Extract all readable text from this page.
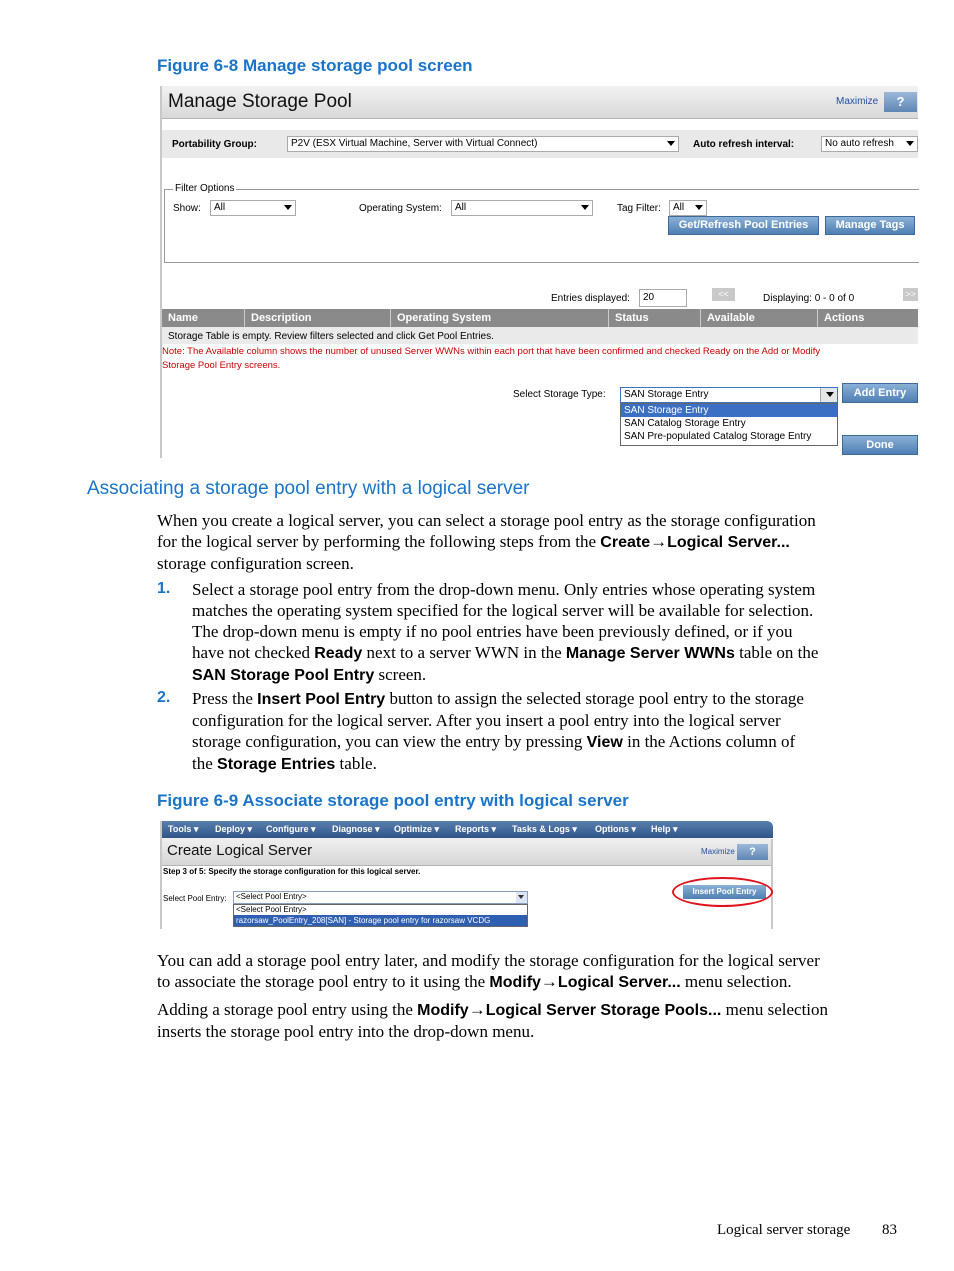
Figure 6-8 Manage storage pool screen
Manage Storage Pool	Maximize	?
Portability Group:	P2V (ESX Virtual Machine, Server with Virtual Connect)	Auto refresh interval:	No auto refresh
Filter Options
Show:	All	Operating System:	All	Tag Filter:	All
Get/Refresh Pool Entries	Manage Tags
Entries displayed:	20	<<	Displaying: 0 - 0 of 0	>>
Name	Description	Operating System	Status	Available	Actions
Storage Table is empty. Review filters selected and click Get Pool Entries.
Note: The Available column shows the number of unused Server WWNs within each port that have been confirmed and checked Ready on the Add or Modify
Storage Pool Entry screens.
Select Storage Type:	SAN Storage Entry
SAN Storage Entry
SAN Catalog Storage Entry
SAN Pre-populated Catalog Storage Entry
Add Entry
Done
Associating a storage pool entry with a logical server
When you create a logical server, you can select a storage pool entry as the storage configuration
for the logical server by performing the following steps from the Create→Logical Server...
storage configuration screen.
1. Select a storage pool entry from the drop-down menu. Only entries whose operating system
matches the operating system specified for the logical server will be available for selection.
The drop-down menu is empty if no pool entries have been previously defined, or if you
have not checked Ready next to a server WWN in the Manage Server WWNs table on the
SAN Storage Pool Entry screen.
2. Press the Insert Pool Entry button to assign the selected storage pool entry to the storage
configuration for the logical server. After you insert a pool entry into the logical server
storage configuration, you can view the entry by pressing View in the Actions column of
the Storage Entries table.
Figure 6-9 Associate storage pool entry with logical server
Tools ▾ Deploy ▾ Configure ▾ Diagnose ▾ Optimize ▾ Reports ▾ Tasks & Logs ▾ Options ▾ Help ▾
Create Logical Server	Maximize	?
Step 3 of 5: Specify the storage configuration for this logical server.
Select Pool Entry:	<Select Pool Entry>
<Select Pool Entry>
razorsaw_PoolEntry_208[SAN] - Storage pool entry for razorsaw VCDG
Insert Pool Entry
You can add a storage pool entry later, and modify the storage configuration for the logical server
to associate the storage pool entry to it using the Modify→Logical Server... menu selection.
Adding a storage pool entry using the Modify→Logical Server Storage Pools... menu selection
inserts the storage pool entry into the drop-down menu.
Logical server storage 83
